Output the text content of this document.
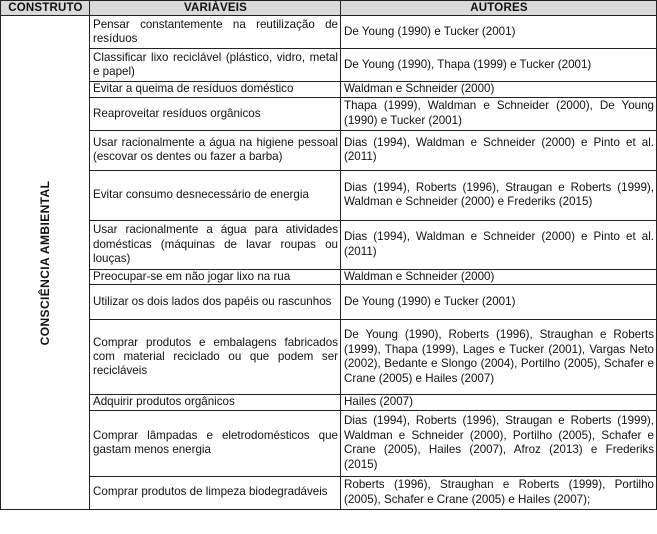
CONSTRUTO	VARIÁVEIS	AUTORES

CONSCIÊNCIA AMBIENTAL	Pensar constantemente na reutilização de resíduos	De Young (1990) e Tucker (2001)
	Classificar lixo reciclável (plástico, vidro, metal e papel)	De Young (1990), Thapa (1999) e Tucker (2001)
	Evitar a queima de resíduos doméstico	Waldman e Schneider (2000)
	Reaproveitar resíduos orgânicos	Thapa (1999), Waldman e Schneider (2000), De Young (1990) e Tucker (2001)
	Usar racionalmente a água na higiene pessoal (escovar os dentes ou fazer a barba)	Dias (1994), Waldman e Schneider (2000) e Pinto et al. (2011)
	Evitar consumo desnecessário de energia	Dias (1994), Roberts (1996), Straugan e Roberts (1999), Waldman e Schneider (2000) e Frederiks (2015)
	Usar racionalmente a água para atividades domésticas (máquinas de lavar roupas ou louças)	Dias (1994), Waldman e Schneider (2000) e Pinto et al. (2011)
	Preocupar-se em não jogar lixo na rua	Waldman e Schneider (2000)
	Utilizar os dois lados dos papéis ou rascunhos	De Young (1990) e Tucker (2001)
	Comprar produtos e embalagens fabricados com material reciclado ou que podem ser recicláveis	De Young (1990), Roberts (1996), Straughan e Roberts (1999), Thapa (1999), Lages e Tucker (2001), Vargas Neto (2002), Bedante e Slongo (2004), Portilho (2005), Schafer e Crane (2005) e Hailes (2007)
	Adquirir produtos orgânicos	Hailes (2007)
	Comprar lâmpadas e eletrodomésticos que gastam menos energia	Dias (1994), Roberts (1996), Straugan e Roberts (1999), Waldman e Schneider (2000), Portilho (2005), Schafer e Crane (2005), Hailes (2007), Afroz (2013) e Frederiks (2015)
	Comprar produtos de limpeza biodegradáveis	Roberts (1996), Straughan e Roberts (1999), Portilho (2005), Schafer e Crane (2005) e Hailes (2007);
